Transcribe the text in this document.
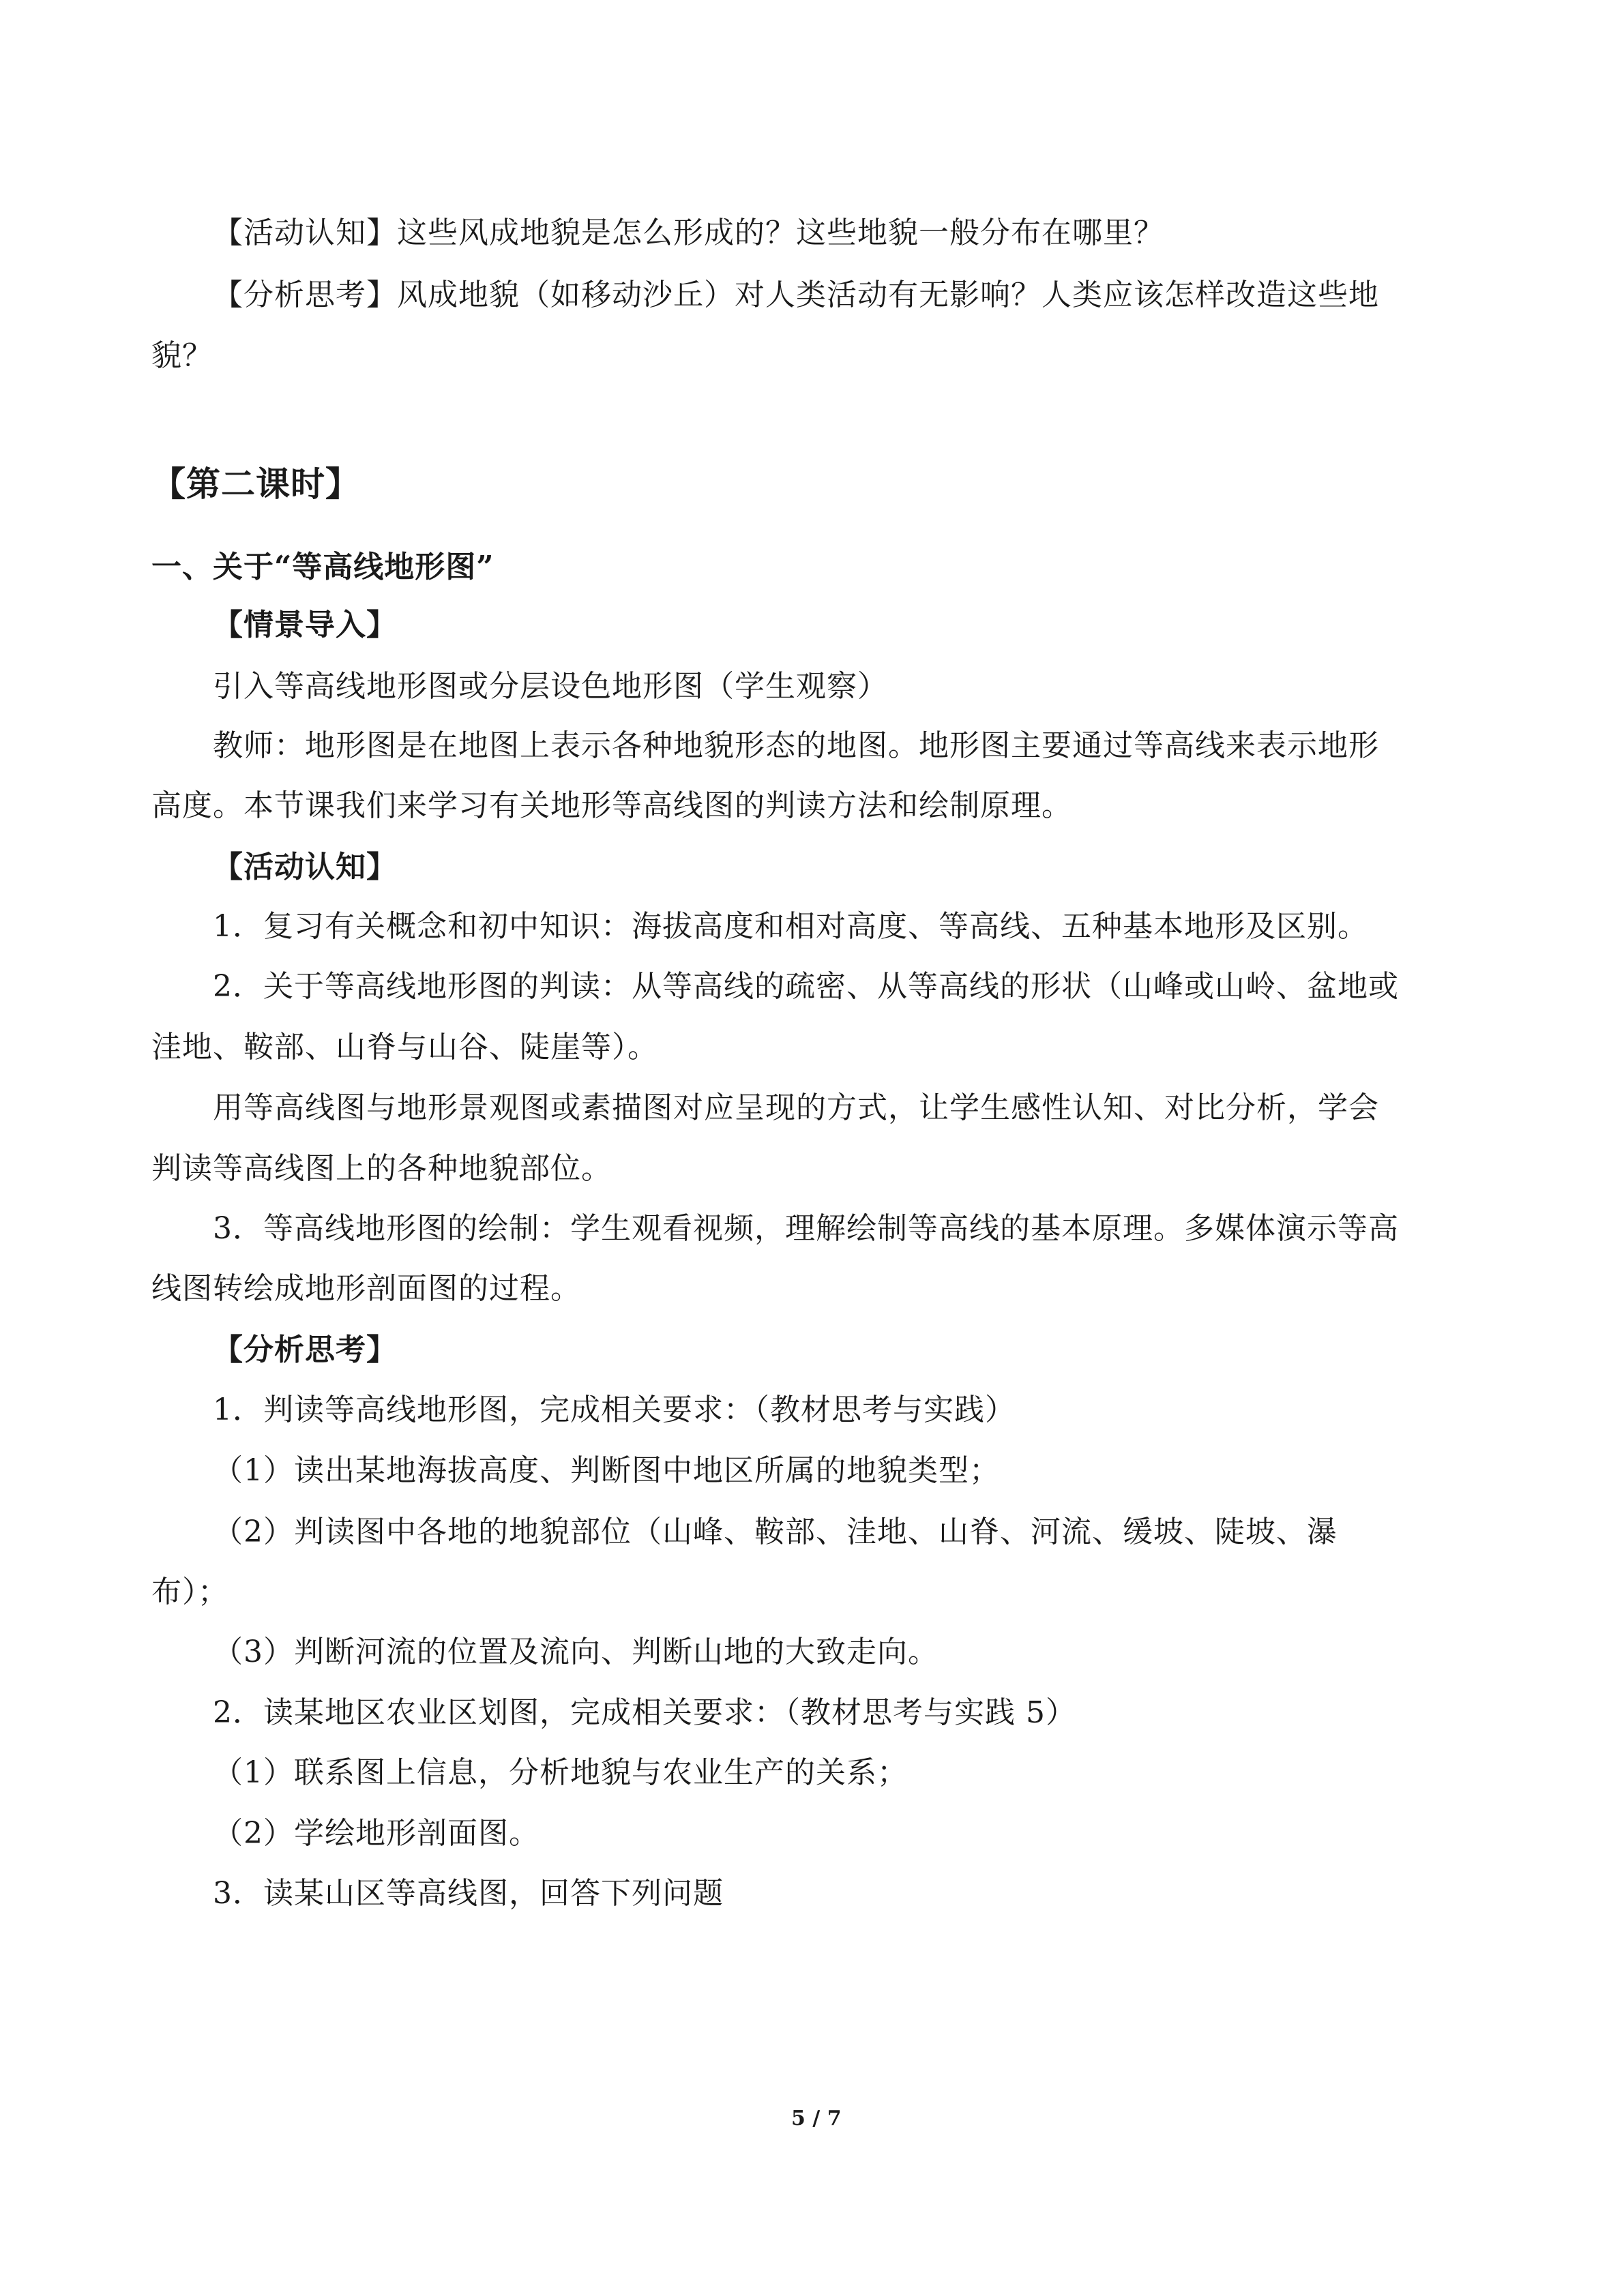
【活动认知】这些风成地貌是怎么形成的？这些地貌一般分布在哪里？
【分析思考】风成地貌（如移动沙丘）对人类活动有无影响？人类应该怎样改造这些地
貌？
【第二课时】
一、关于“等高线地形图”
【情景导入】
引入等高线地形图或分层设色地形图（学生观察）
教师：地形图是在地图上表示各种地貌形态的地图。地形图主要通过等高线来表示地形
高度。本节课我们来学习有关地形等高线图的判读方法和绘制原理。
【活动认知】
1．复习有关概念和初中知识：海拔高度和相对高度、等高线、五种基本地形及区别。
2．关于等高线地形图的判读：从等高线的疏密、从等高线的形状（山峰或山岭、盆地或
洼地、鞍部、山脊与山谷、陡崖等）。
用等高线图与地形景观图或素描图对应呈现的方式，让学生感性认知、对比分析，学会
判读等高线图上的各种地貌部位。
3．等高线地形图的绘制：学生观看视频，理解绘制等高线的基本原理。多媒体演示等高
线图转绘成地形剖面图的过程。
【分析思考】
1．判读等高线地形图，完成相关要求：（教材思考与实践）
（1）读出某地海拔高度、判断图中地区所属的地貌类型；
（2）判读图中各地的地貌部位（山峰、鞍部、洼地、山脊、河流、缓坡、陡坡、瀑
布）；
（3）判断河流的位置及流向、判断山地的大致走向。
2．读某地区农业区划图，完成相关要求：（教材思考与实践 5）
（1）联系图上信息，分析地貌与农业生产的关系；
（2）学绘地形剖面图。
3．读某山区等高线图，回答下列问题
5 / 7
